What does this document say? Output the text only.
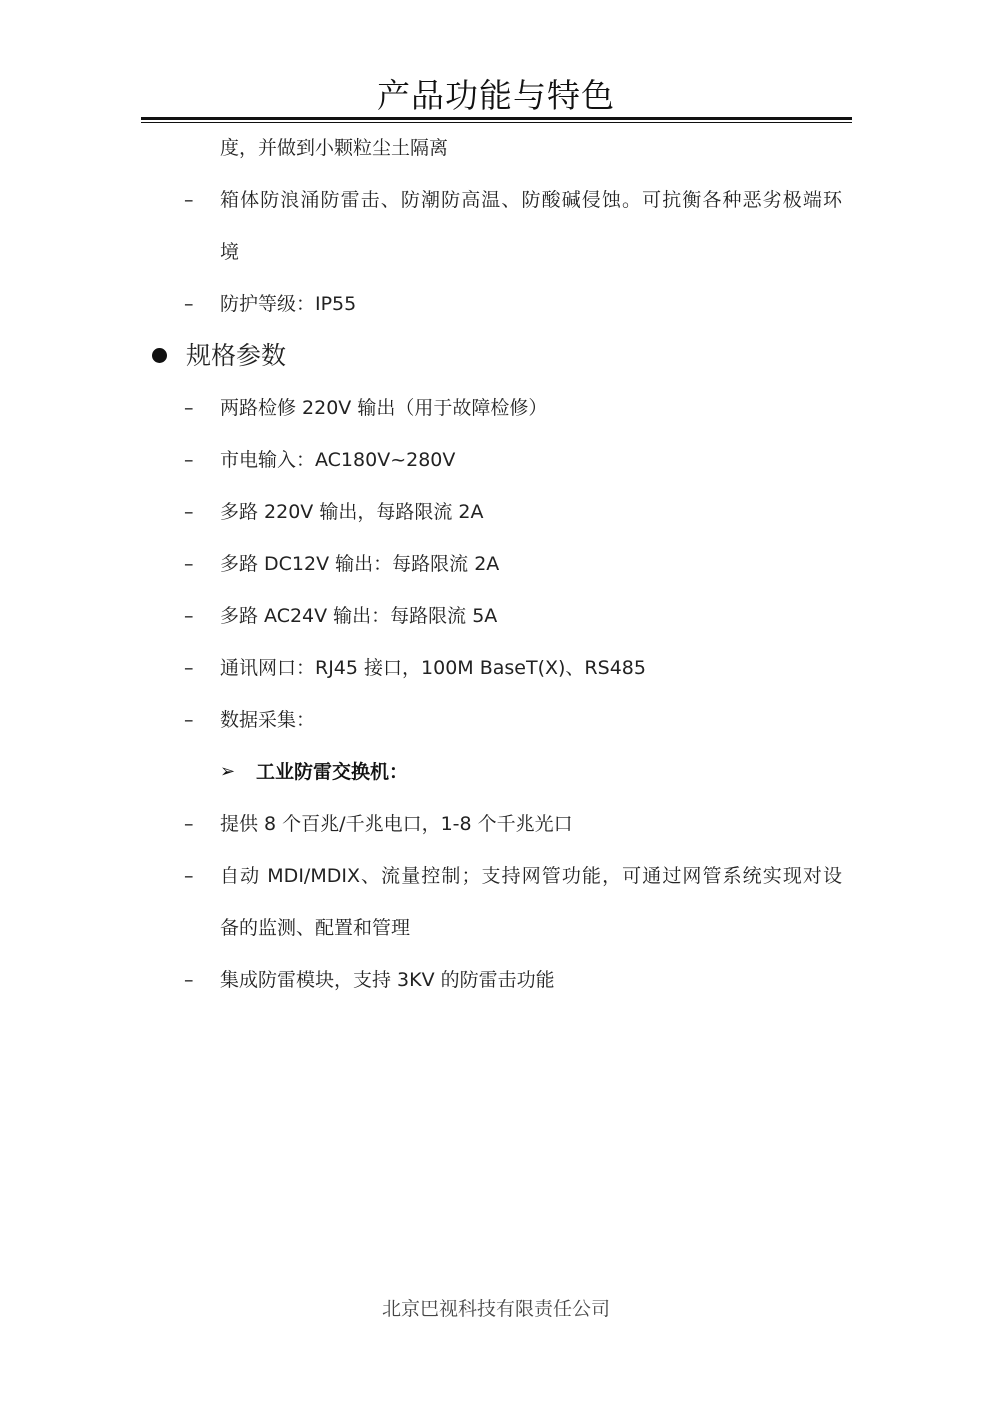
产品功能与特色
度，并做到小颗粒尘土隔离
– 箱体防浪涌防雷击、防潮防高温、防酸碱侵蚀。可抗衡各种恶劣极端环
境
– 防护等级：IP55
规格参数
– 两路检修 220V 输出（用于故障检修）
– 市电输入：AC180V~280V
– 多路 220V 输出，每路限流 2A
– 多路 DC12V 输出：每路限流 2A
– 多路 AC24V 输出：每路限流 5A
– 通讯网口：RJ45 接口，100M BaseT(X)、RS485
– 数据采集：
➢ 工业防雷交换机：
– 提供 8 个百兆/千兆电口，1-8 个千兆光口
– 自动 MDI/MDIX、流量控制；支持网管功能，可通过网管系统实现对设
备的监测、配置和管理
– 集成防雷模块，支持 3KV 的防雷击功能
北京巴视科技有限责任公司
